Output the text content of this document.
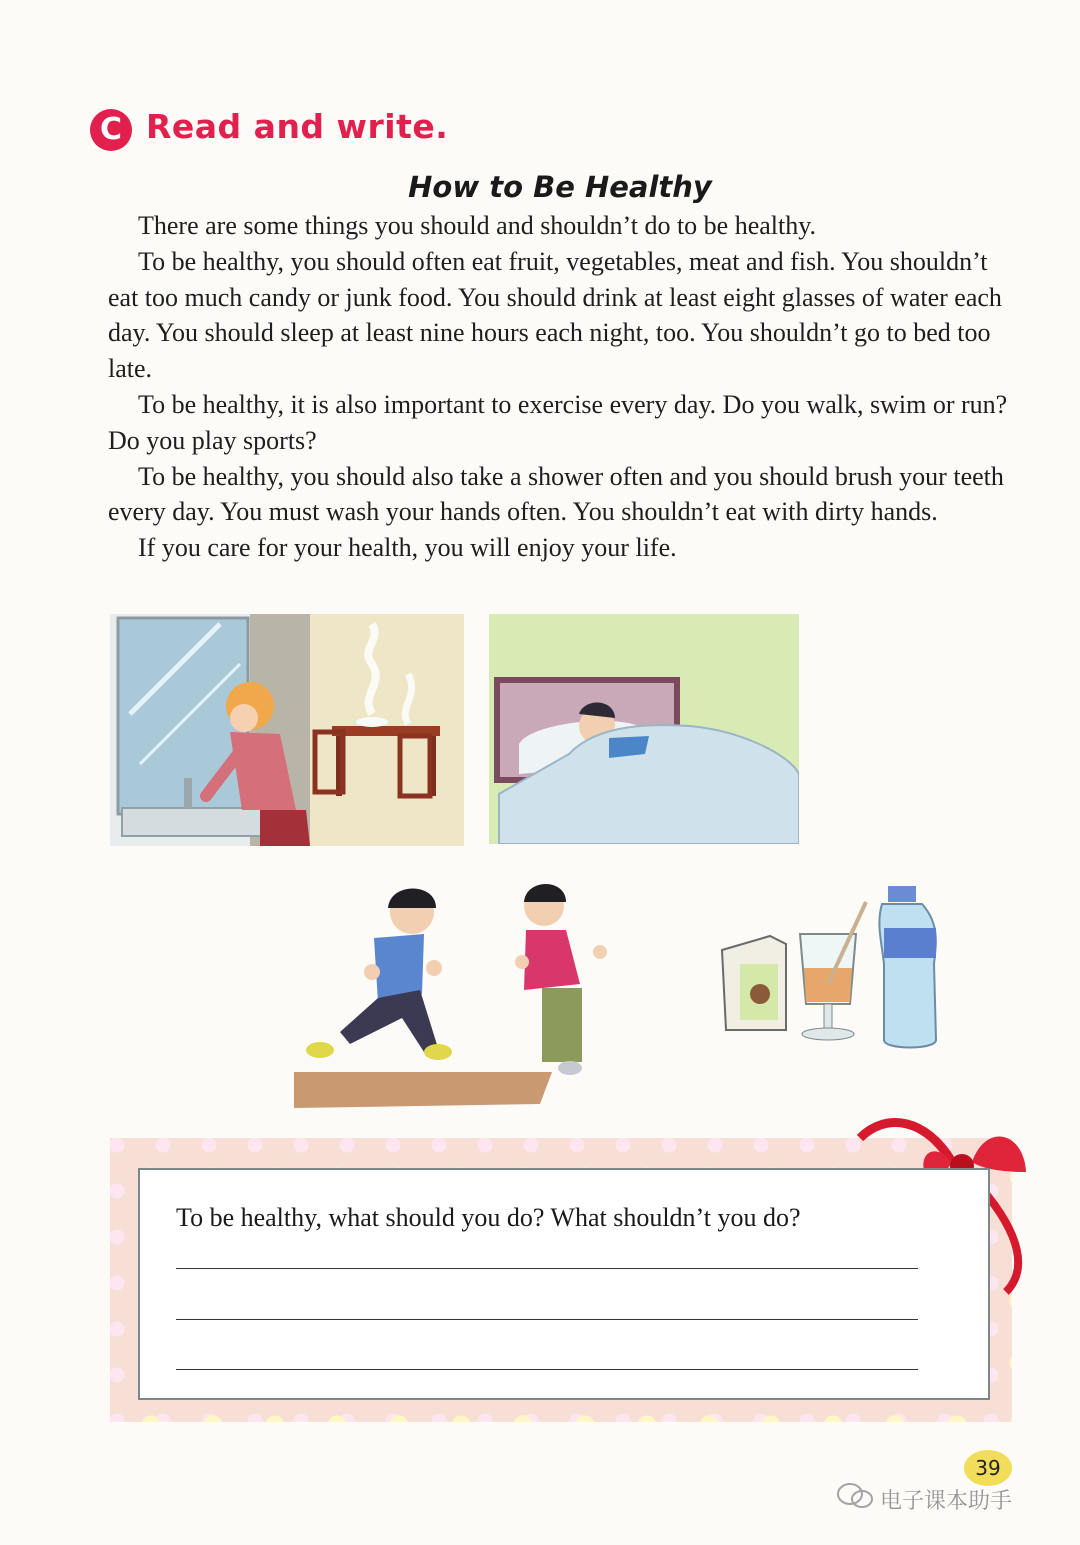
C Read and write.
How to Be Healthy

There are some things you should and shouldn’t do to be healthy.

To be healthy, you should often eat fruit, vegetables, meat and fish. You shouldn’t eat too much candy or junk food. You should drink at least eight glasses of water each day. You should sleep at least nine hours each night, too. You shouldn’t go to bed too late.

To be healthy, it is also important to exercise every day. Do you walk, swim or run? Do you play sports?

To be healthy, you should also take a shower often and you should brush your teeth every day. You must wash your hands often. You shouldn’t eat with dirty hands.

If you care for your health, you will enjoy your life.

To be healthy, what should you do? What shouldn’t you do?
39
电子课本助手
